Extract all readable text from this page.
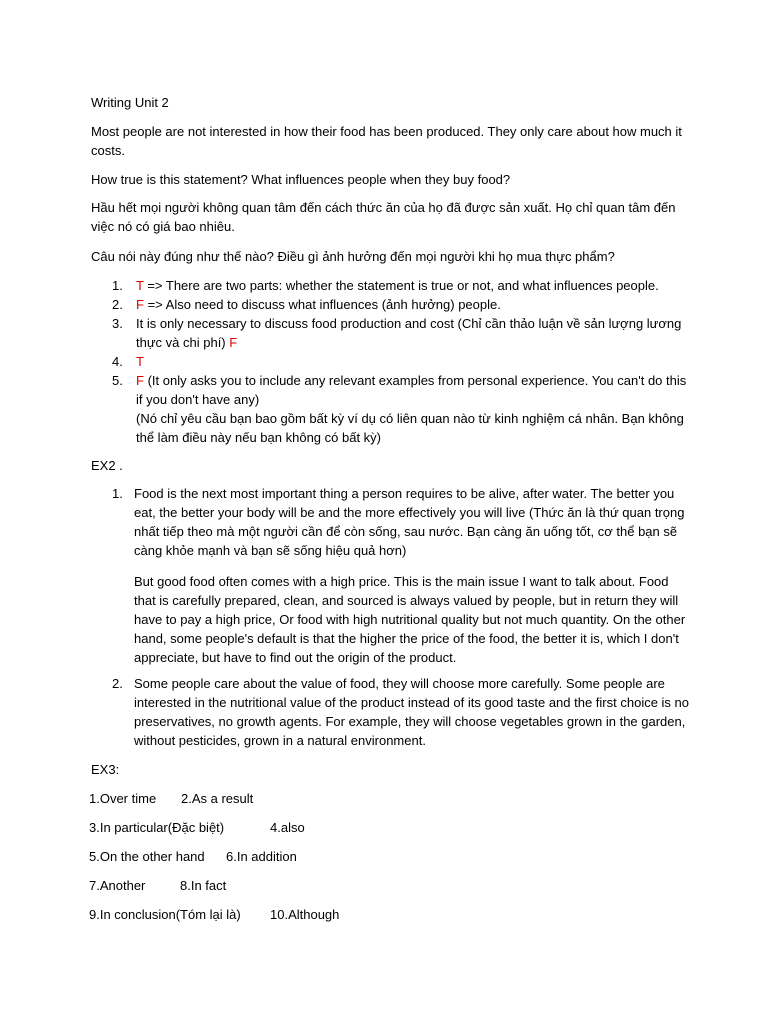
Writing Unit 2

Most people are not interested in how their food has been produced. They only care about how much it costs.

How true is this statement? What influences people when they buy food?

Hầu hết mọi người không quan tâm đến cách thức ăn của họ đã được sản xuất. Họ chỉ quan tâm đến việc nó có giá bao nhiêu.

Câu nói này đúng như thế nào? Điều gì ảnh hưởng đến mọi người khi họ mua thực phẩm?

1. T => There are two parts: whether the statement is true or not, and what influences people.
2. F => Also need to discuss what influences (ảnh hưởng) people.
3. It is only necessary to discuss food production and cost (Chỉ cần thảo luận về sản lượng lương thực và chi phí) F
4. T
5. F (It only asks you to include any relevant examples from personal experience. You can't do this if you don't have any)
(Nó chỉ yêu cầu bạn bao gồm bất kỳ ví dụ có liên quan nào từ kinh nghiệm cá nhân. Bạn không thể làm điều này nếu bạn không có bất kỳ)

EX2 .

1. Food is the next most important thing a person requires to be alive, after water. The better you eat, the better your body will be and the more effectively you will live (Thức ăn là thứ quan trọng nhất tiếp theo mà một người cần để còn sống, sau nước. Bạn càng ăn uống tốt, cơ thể bạn sẽ càng khỏe mạnh và bạn sẽ sống hiệu quả hơn)
But good food often comes with a high price. This is the main issue I want to talk about. Food that is carefully prepared, clean, and sourced is always valued by people, but in return they will have to pay a high price, Or food with high nutritional quality but not much quantity. On the other hand, some people's default is that the higher the price of the food, the better it is, which I don't appreciate, but have to find out the origin of the product.
2. Some people care about the value of food, they will choose more carefully. Some people are interested in the nutritional value of the product instead of its good taste and the first choice is no preservatives, no growth agents. For example, they will choose vegetables grown in the garden, without pesticides, grown in a natural environment.

EX3:

1.Over time 2.As a result
3.In particular(Đặc biệt)	4.also
5.On the other hand 6.In addition
7.Another	8.In fact
9.In conclusion(Tóm lại là) 10.Although
